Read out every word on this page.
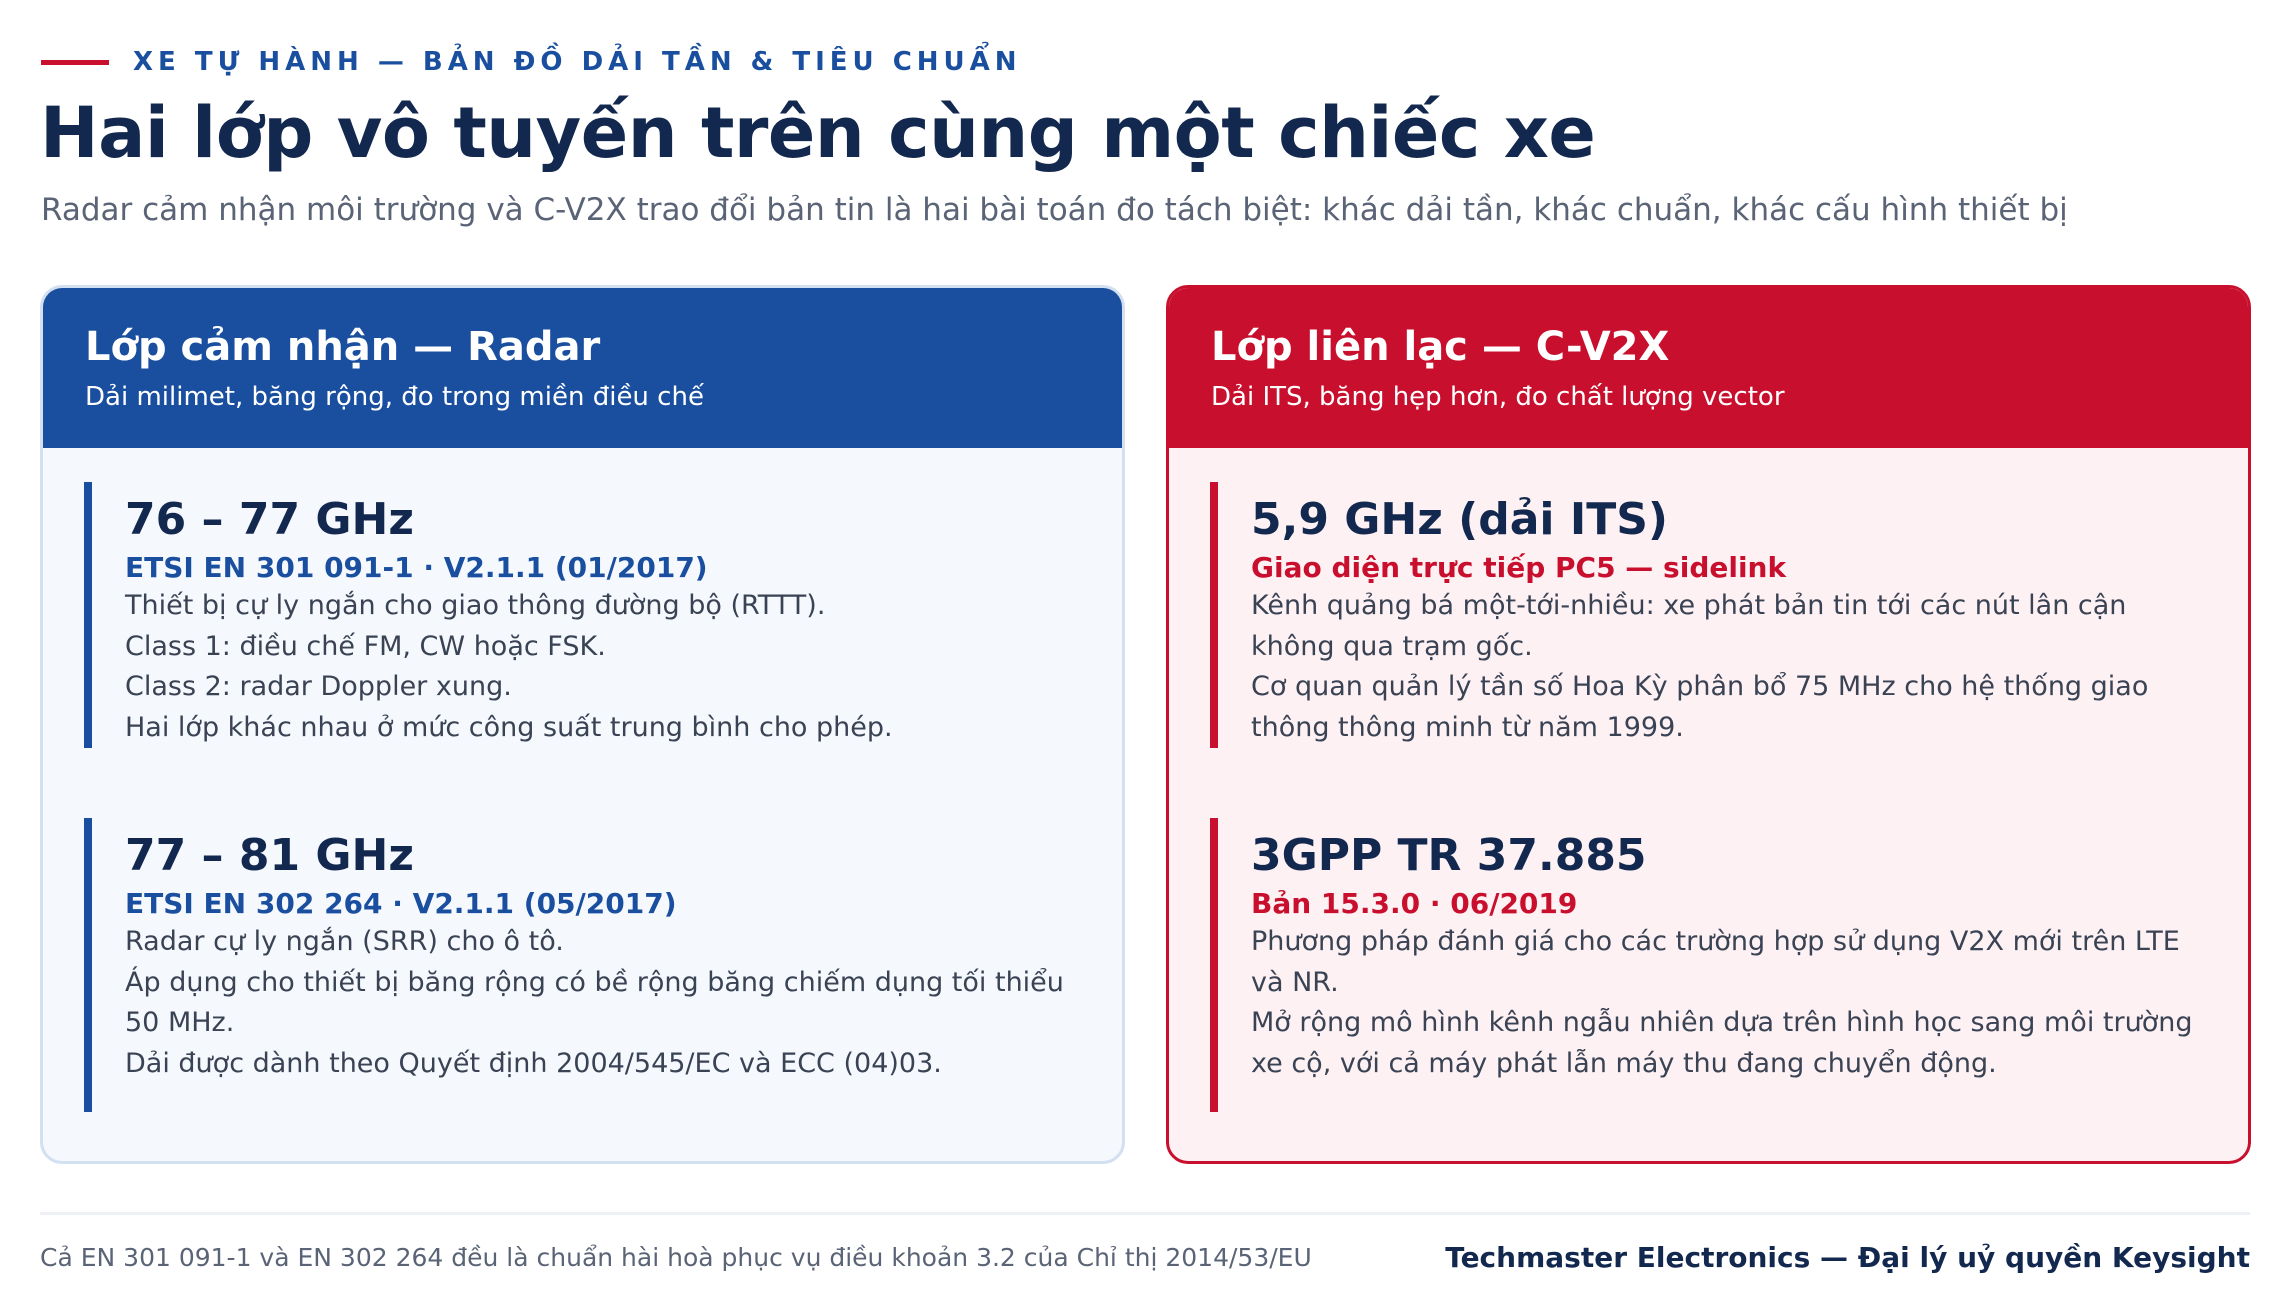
XE TỰ HÀNH — BẢN ĐỒ DẢI TẦN & TIÊU CHUẨN
Hai lớp vô tuyến trên cùng một chiếc xe

Radar cảm nhận môi trường và C-V2X trao đổi bản tin là hai bài toán đo tách biệt: khác dải tần, khác chuẩn, khác cấu hình thiết bị

Lớp cảm nhận — Radar
Dải milimet, băng rộng, đo trong miền điều chế
76 – 77 GHz
ETSI EN 301 091-1 · V2.1.1 (01/2017)
Thiết bị cự ly ngắn cho giao thông đường bộ (RTTT).
Class 1: điều chế FM, CW hoặc FSK.
Class 2: radar Doppler xung.
Hai lớp khác nhau ở mức công suất trung bình cho phép.
77 – 81 GHz
ETSI EN 302 264 · V2.1.1 (05/2017)
Radar cự ly ngắn (SRR) cho ô tô.
Áp dụng cho thiết bị băng rộng có bề rộng băng chiếm dụng tối thiểu 50 MHz.
Dải được dành theo Quyết định 2004/545/EC và ECC (04)03.
Lớp liên lạc — C-V2X
Dải ITS, băng hẹp hơn, đo chất lượng vector
5,9 GHz (dải ITS)
Giao diện trực tiếp PC5 — sidelink
Kênh quảng bá một-tới-nhiều: xe phát bản tin tới các nút lân cận không qua trạm gốc.
Cơ quan quản lý tần số Hoa Kỳ phân bổ 75 MHz cho hệ thống giao thông thông minh từ năm 1999.
3GPP TR 37.885
Bản 15.3.0 · 06/2019
Phương pháp đánh giá cho các trường hợp sử dụng V2X mới trên LTE và NR.
Mở rộng mô hình kênh ngẫu nhiên dựa trên hình học sang môi trường xe cộ, với cả máy phát lẫn máy thu đang chuyển động.
Cả EN 301 091-1 và EN 302 264 đều là chuẩn hài hoà phục vụ điều khoản 3.2 của Chỉ thị 2014/53/EU	Techmaster Electronics — Đại lý uỷ quyền Keysight
